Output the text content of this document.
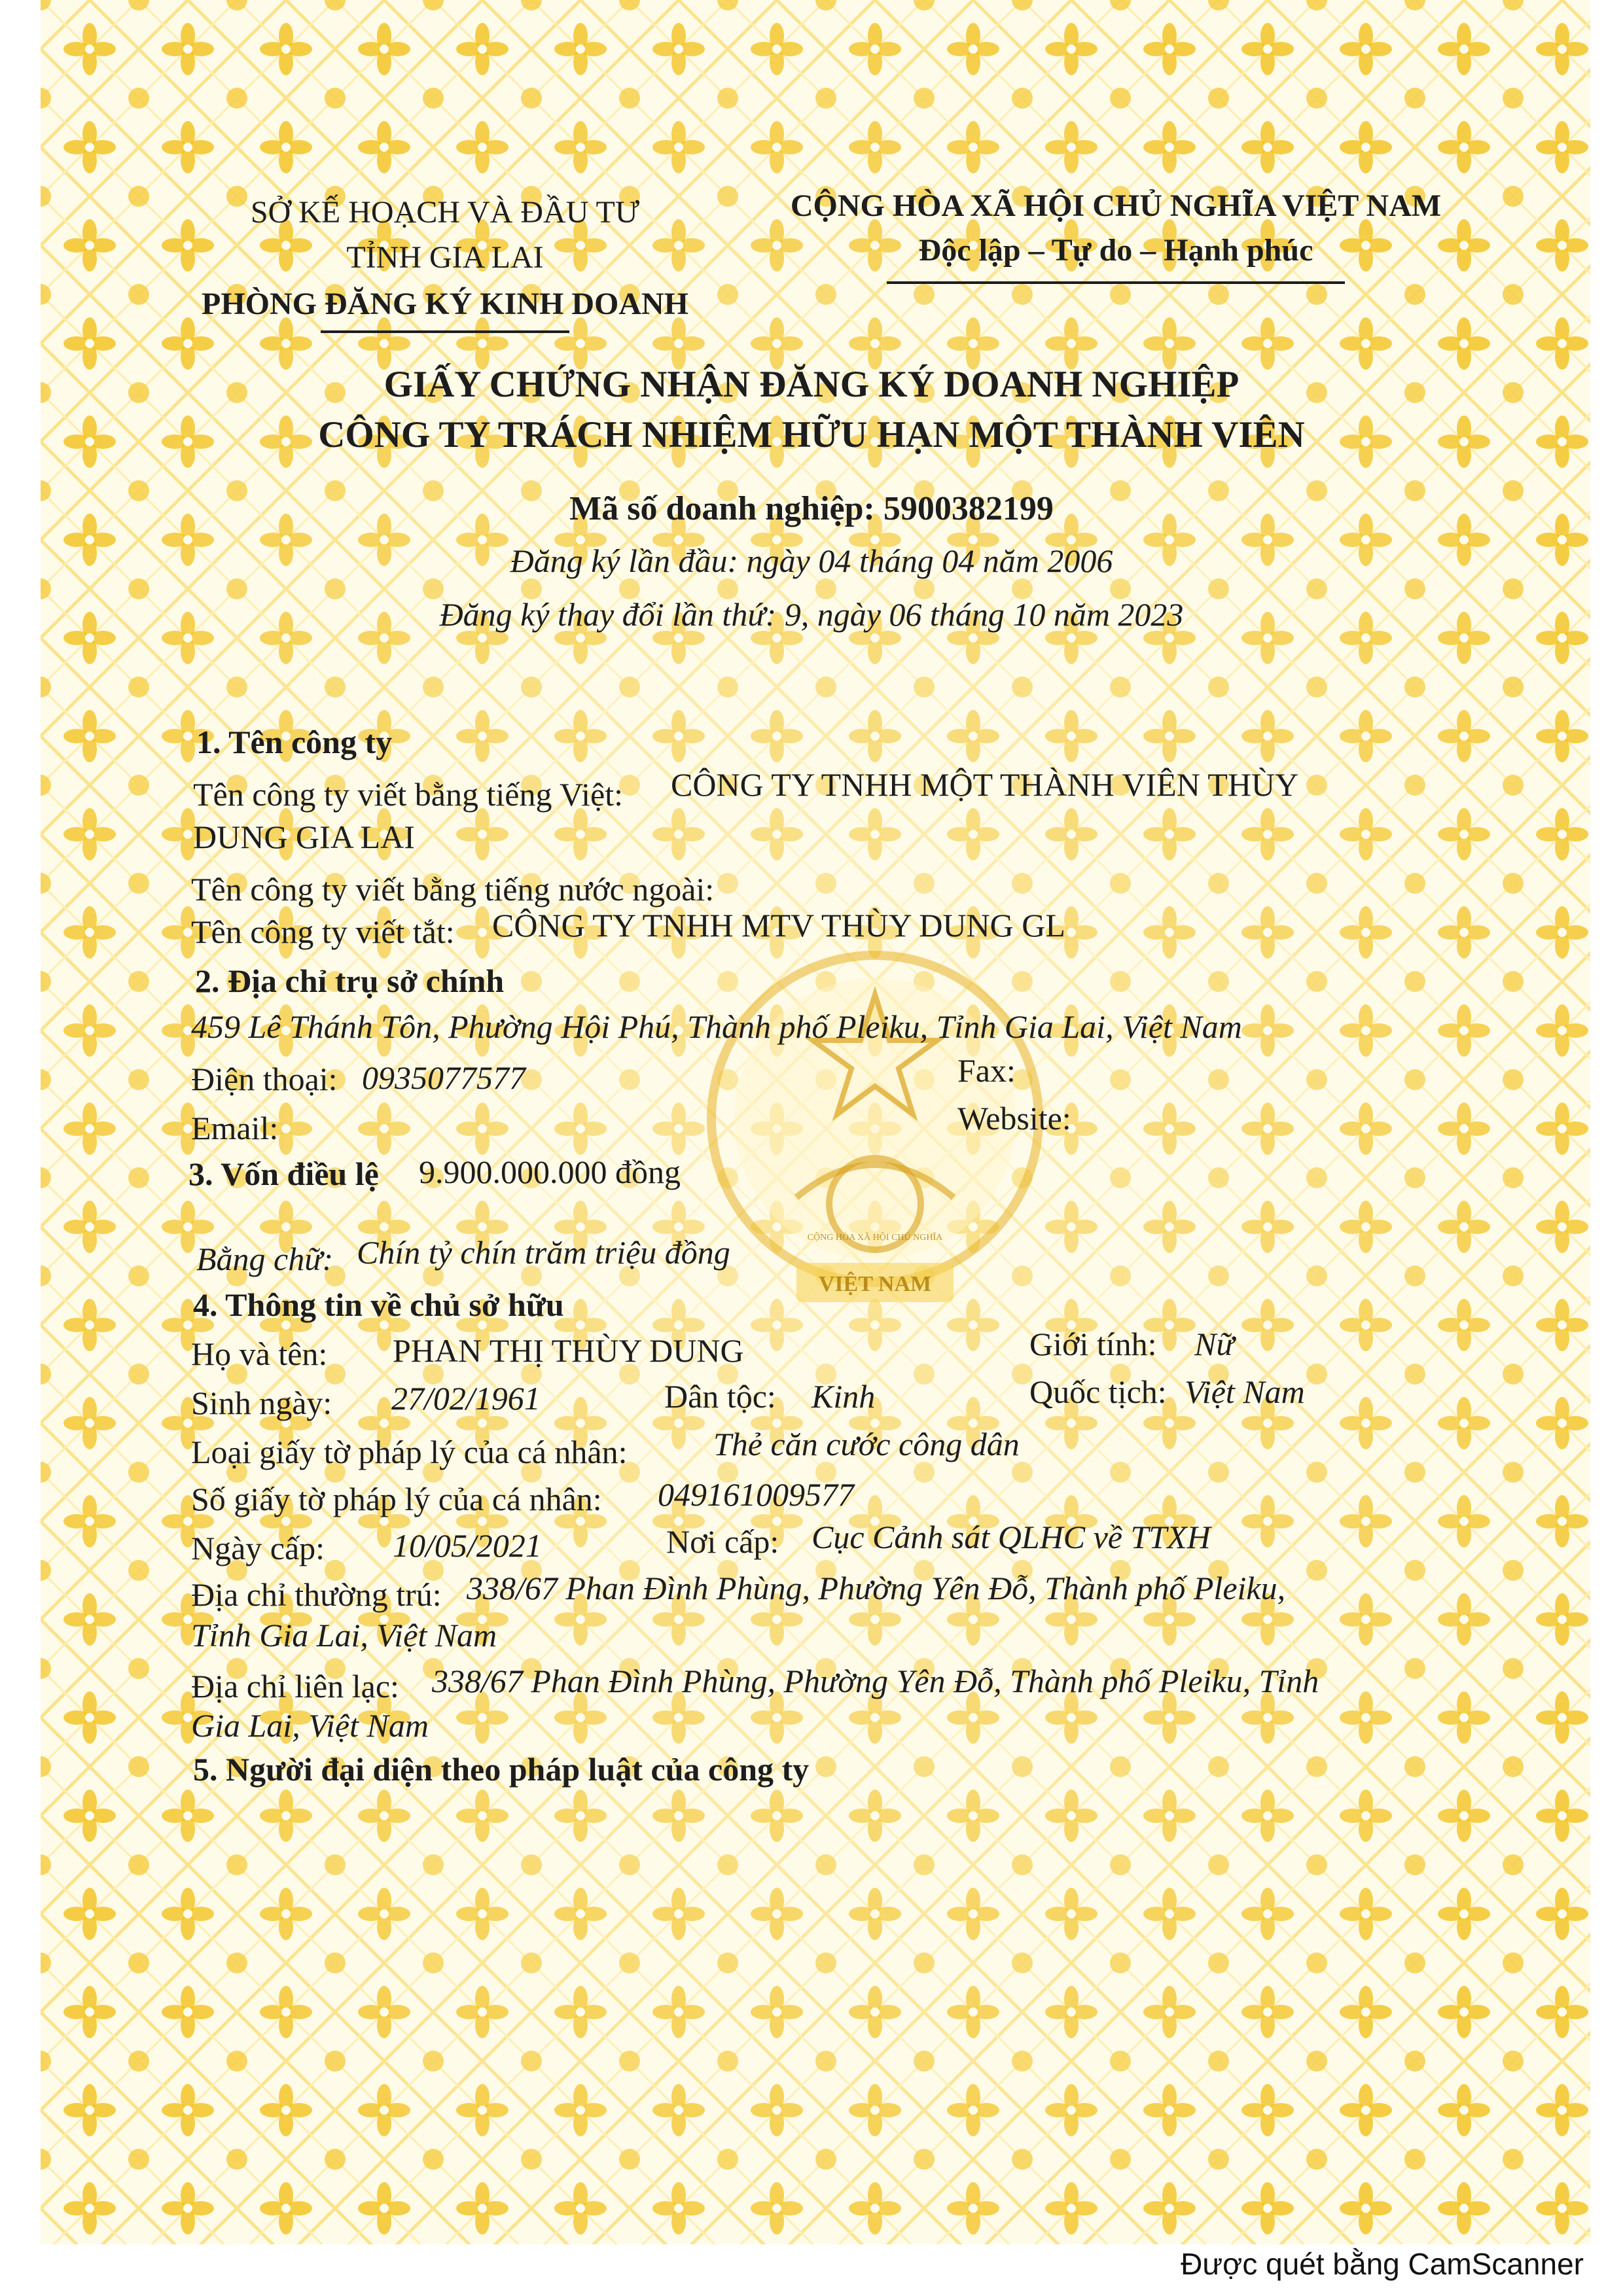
VIỆT NAM
CỘNG HÒA XÃ HỘI CHỦ NGHĨA
SỞ KẾ HOẠCH VÀ ĐẦU TƯ
TỈNH GIA LAI
PHÒNG ĐĂNG KÝ KINH DOANH
CỘNG HÒA XÃ HỘI CHỦ NGHĨA VIỆT NAM
Độc lập – Tự do – Hạnh phúc
GIẤY CHỨNG NHẬN ĐĂNG KÝ DOANH NGHIỆP
CÔNG TY TRÁCH NHIỆM HỮU HẠN MỘT THÀNH VIÊN
Mã số doanh nghiệp: 5900382199
Đăng ký lần đầu: ngày 04 tháng 04 năm 2006
Đăng ký thay đổi lần thứ: 9, ngày 06 tháng 10 năm 2023
1. Tên công ty
Tên công ty viết bằng tiếng Việt: CÔNG TY TNHH MỘT THÀNH VIÊN THÙY
DUNG GIA LAI
Tên công ty viết bằng tiếng nước ngoài:
Tên công ty viết tắt: CÔNG TY TNHH MTV THÙY DUNG GL
2. Địa chỉ trụ sở chính
459 Lê Thánh Tôn, Phường Hội Phú, Thành phố Pleiku, Tỉnh Gia Lai, Việt Nam
Điện thoại: 0935077577	Fax:
Email:	Website:
3. Vốn điều lệ 9.900.000.000 đồng
Bằng chữ: Chín tỷ chín trăm triệu đồng
4. Thông tin về chủ sở hữu
Họ và tên: PHAN THỊ THÙY DUNG	Giới tính: Nữ
Sinh ngày: 27/02/1961	Dân tộc: Kinh	Quốc tịch: Việt Nam
Loại giấy tờ pháp lý của cá nhân:	Thẻ căn cước công dân
Số giấy tờ pháp lý của cá nhân: 049161009577
Ngày cấp: 10/05/2021	Nơi cấp: Cục Cảnh sát QLHC về TTXH
Địa chỉ thường trú: 338/67 Phan Đình Phùng, Phường Yên Đỗ, Thành phố Pleiku,
Tỉnh Gia Lai, Việt Nam
Địa chỉ liên lạc: 338/67 Phan Đình Phùng, Phường Yên Đỗ, Thành phố Pleiku, Tỉnh
Gia Lai, Việt Nam
5. Người đại diện theo pháp luật của công ty
Được quét bằng CamScanner
